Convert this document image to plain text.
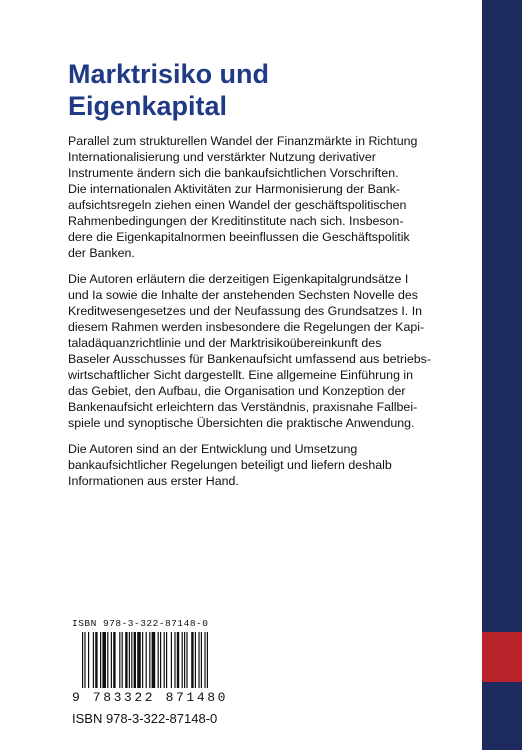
Marktrisiko und
Eigenkapital

Parallel zum strukturellen Wandel der Finanzmärkte in Richtung
Internationalisierung und verstärkter Nutzung derivativer
Instrumente ändern sich die bankaufsichtlichen Vorschriften.
Die internationalen Aktivitäten zur Harmonisierung der Bank-
aufsichtsregeln ziehen einen Wandel der geschäftspolitischen
Rahmenbedingungen der Kreditinstitute nach sich. Insbeson-
dere die Eigenkapitalnormen beeinflussen die Geschäftspolitik
der Banken.

Die Autoren erläutern die derzeitigen Eigenkapitalgrundsätze I
und Ia sowie die Inhalte der anstehenden Sechsten Novelle des
Kreditwesengesetzes und der Neufassung des Grundsatzes I. In
diesem Rahmen werden insbesondere die Regelungen der Kapi-
taladäquanzrichtlinie und der Marktrisikoübereinkunft des
Baseler Ausschusses für Bankenaufsicht umfassend aus betriebs-
wirtschaftlicher Sicht dargestellt. Eine allgemeine Einführung in
das Gebiet, den Aufbau, die Organisation und Konzeption der
Bankenaufsicht erleichtern das Verständnis, praxisnahe Fallbei-
spiele und synoptische Übersichten die praktische Anwendung.

Die Autoren sind an der Entwicklung und Umsetzung
bankaufsichtlicher Regelungen beteiligt und liefern deshalb
Informationen aus erster Hand.

ISBN 978-3-322-87148-0
9 783322 871480
ISBN 978-3-322-87148-0
